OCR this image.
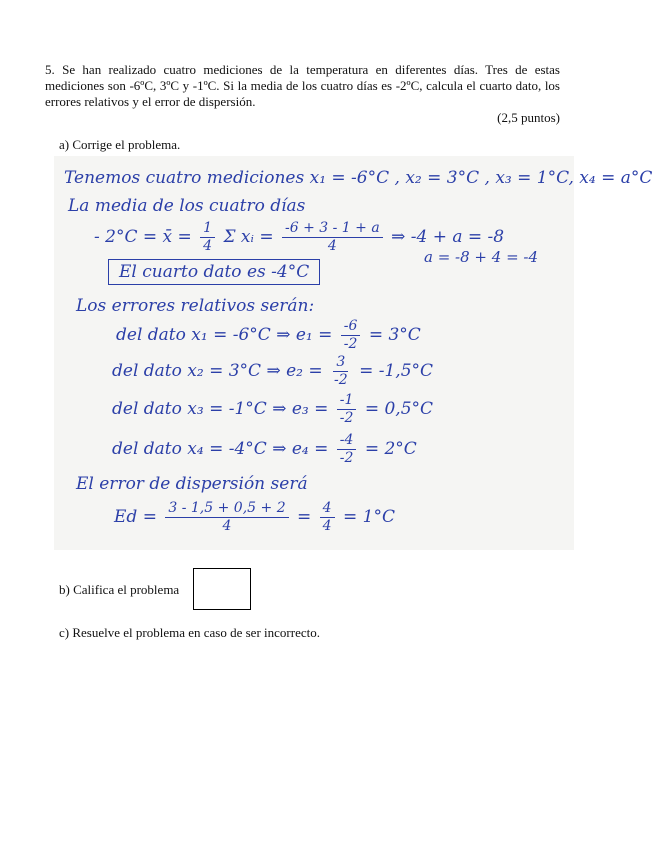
5. Se han realizado cuatro mediciones de la temperatura en diferentes días. Tres de estas mediciones son -6ºC, 3ºC y -1ºC. Si la media de los cuatro días es -2ºC, calcula el cuarto dato, los errores relativos y el error de dispersión.

(2,5 puntos)
a) Corrige el problema.
Tenemos cuatro mediciones x₁ = -6°C , x₂ = 3°C , x₃ = 1°C, x₄ = a°C
La media de los cuatro días
- 2°C = x̄ = $\frac{1}{4}$ Σ xᵢ = $\frac{-6 + 3 - 1 + a}{4}$ ⇒ -4 + a = -8
a = -8 + 4 = -4
El cuarto dato es -4°C
Los errores relativos serán:
del dato x₁ = -6°C ⇒ $e_1 = \frac{-6}{-2} = 3^\circ C$
del dato x₂ = 3°C ⇒ $e_2 = \frac{3}{-2} = -1,5^\circ C$
del dato x₃ = -1°C ⇒ $e_3 = \frac{-1}{-2} = 0,5^\circ C$
del dato x₄ = -4°C ⇒ $e_4 = \frac{-4}{-2} = 2^\circ C$
El error de dispersión será
$Ed = \frac{3 - 1,5 + 0,5 + 2}{4} = \frac{4}{4} = 1^\circ C$
b) Califica el problema
c) Resuelve el problema en caso de ser incorrecto.
